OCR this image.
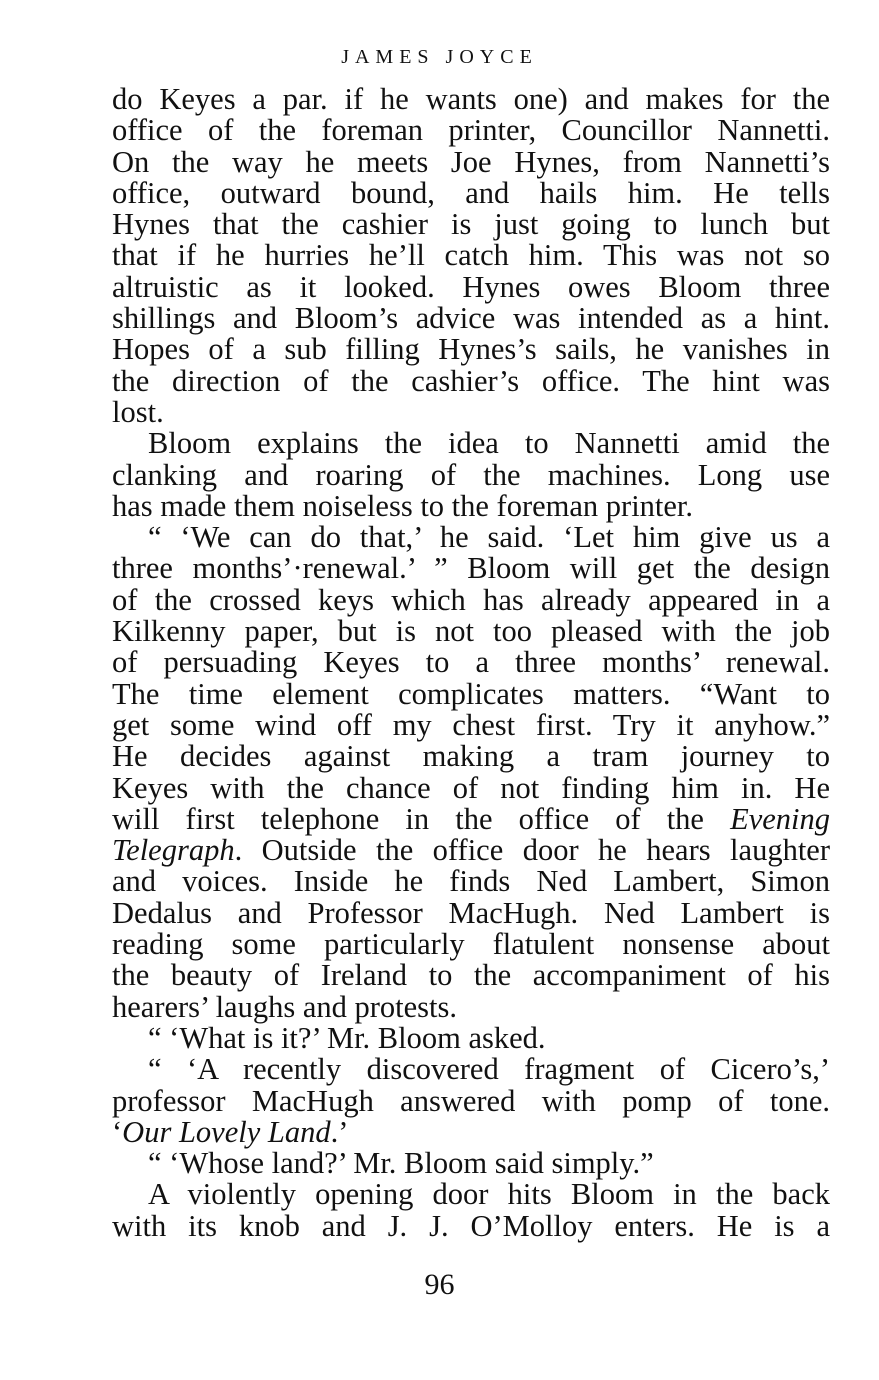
JAMES JOYCE
do Keyes a par. if he wants one) and makes for the
office of the foreman printer, Councillor Nannetti.
On the way he meets Joe Hynes, from Nannetti’s
office, outward bound, and hails him. He tells
Hynes that the cashier is just going to lunch but
that if he hurries he’ll catch him. This was not so
altruistic as it looked. Hynes owes Bloom three
shillings and Bloom’s advice was intended as a hint.
Hopes of a sub filling Hynes’s sails, he vanishes in
the direction of the cashier’s office. The hint was
lost.
Bloom explains the idea to Nannetti amid the
clanking and roaring of the machines. Long use
has made them noiseless to the foreman printer.
“ ‘We can do that,’ he said. ‘Let him give us a
three months’·renewal.’ ” Bloom will get the design
of the crossed keys which has already appeared in a
Kilkenny paper, but is not too pleased with the job
of persuading Keyes to a three months’ renewal.
The time element complicates matters. “Want to
get some wind off my chest first. Try it anyhow.”
He decides against making a tram journey to
Keyes with the chance of not finding him in. He
will first telephone in the office of the Evening
Telegraph. Outside the office door he hears laughter
and voices. Inside he finds Ned Lambert, Simon
Dedalus and Professor MacHugh. Ned Lambert is
reading some particularly flatulent nonsense about
the beauty of Ireland to the accompaniment of his
hearers’ laughs and protests.
“ ‘What is it?’ Mr. Bloom asked.
“ ‘A recently discovered fragment of Cicero’s,’
professor MacHugh answered with pomp of tone.
‘Our Lovely Land.’
“ ‘Whose land?’ Mr. Bloom said simply.”
A violently opening door hits Bloom in the back
with its knob and J. J. O’Molloy enters. He is a
96
